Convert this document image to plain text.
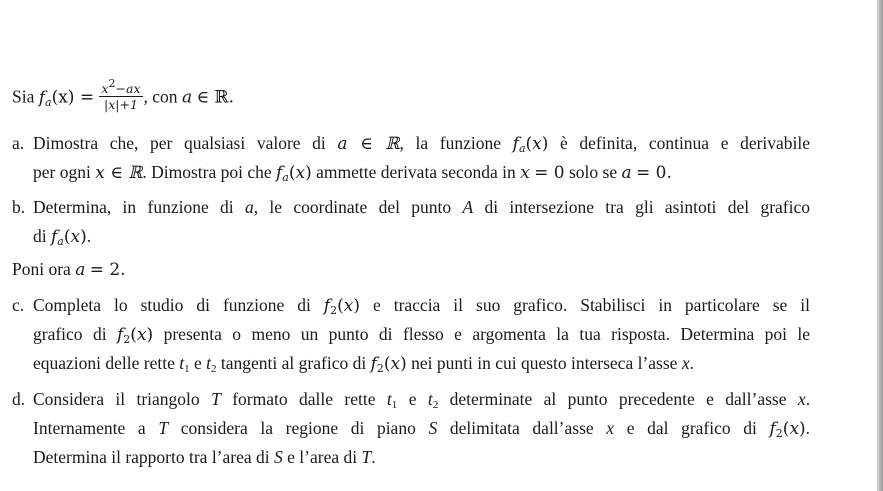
Sia $f_a(x) = \frac{x^2-ax}{|x|+1}$ , con a ∈ ℝ.
a. Dimostra che, per qualsiasi valore di a ∈ ℝ, la funzione $f_a(x)$ è definita, continua e derivabile
per ogni x ∈ ℝ. Dimostra poi che $f_a(x)$ ammette derivata seconda in x = 0 solo se a = 0.
b. Determina, in funzione di a, le coordinate del punto A di intersezione tra gli asintoti del grafico
di $f_a(x)$.
Poni ora a = 2.
c. Completa lo studio di funzione di $f_2(x)$ e traccia il suo grafico. Stabilisci in particolare se il
grafico di $f_2(x)$ presenta o meno un punto di flesso e argomenta la tua risposta. Determina poi le
equazioni delle rette $t_1$ e $t_2$ tangenti al grafico di $f_2(x)$ nei punti in cui questo interseca l’asse x.
d. Considera il triangolo T formato dalle rette $t_1$ e $t_2$ determinate al punto precedente e dall’asse x.
Internamente a T considera la regione di piano S delimitata dall’asse x e dal grafico di $f_2(x)$.
Determina il rapporto tra l’area di S e l’area di T.
